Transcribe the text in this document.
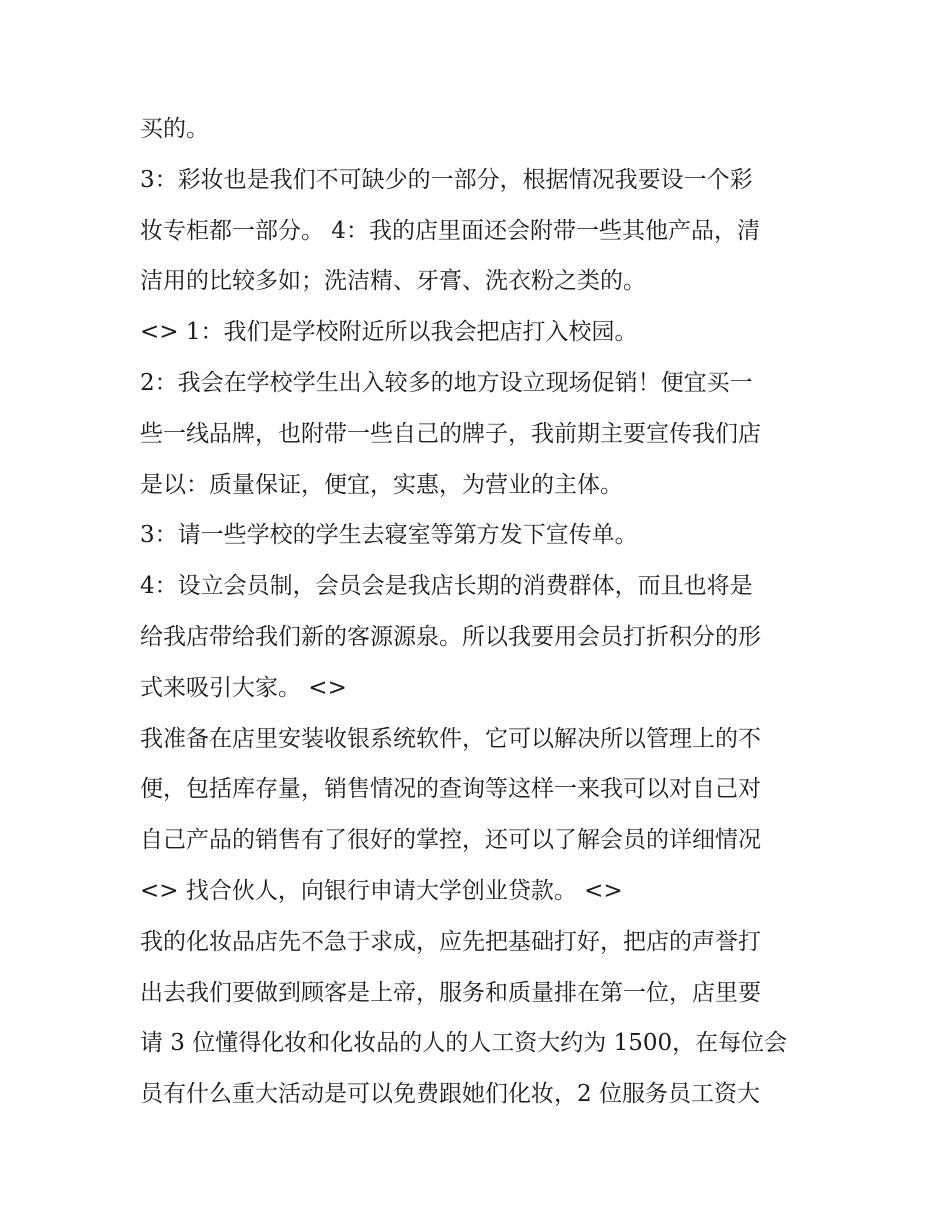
买的。
3：彩妆也是我们不可缺少的一部分，根据情况我要设一个彩
妆专柜都一部分。 4：我的店里面还会附带一些其他产品，清
洁用的比较多如；洗洁精、牙膏、洗衣粉之类的。
<> 1：我们是学校附近所以我会把店打入校园。
2：我会在学校学生出入较多的地方设立现场促销！便宜买一
些一线品牌，也附带一些自己的牌子，我前期主要宣传我们店
是以：质量保证，便宜，实惠，为营业的主体。
3：请一些学校的学生去寝室等第方发下宣传单。
4：设立会员制，会员会是我店长期的消费群体，而且也将是
给我店带给我们新的客源源泉。所以我要用会员打折积分的形
式来吸引大家。 <>
我准备在店里安装收银系统软件，它可以解决所以管理上的不
便，包括库存量，销售情况的查询等这样一来我可以对自己对
自己产品的销售有了很好的掌控，还可以了解会员的详细情况
<> 找合伙人，向银行申请大学创业贷款。 <>
我的化妆品店先不急于求成，应先把基础打好，把店的声誉打
出去我们要做到顾客是上帝，服务和质量排在第一位，店里要
请 3 位懂得化妆和化妆品的人的人工资大约为 1500，在每位会
员有什么重大活动是可以免费跟她们化妆，2 位服务员工资大
